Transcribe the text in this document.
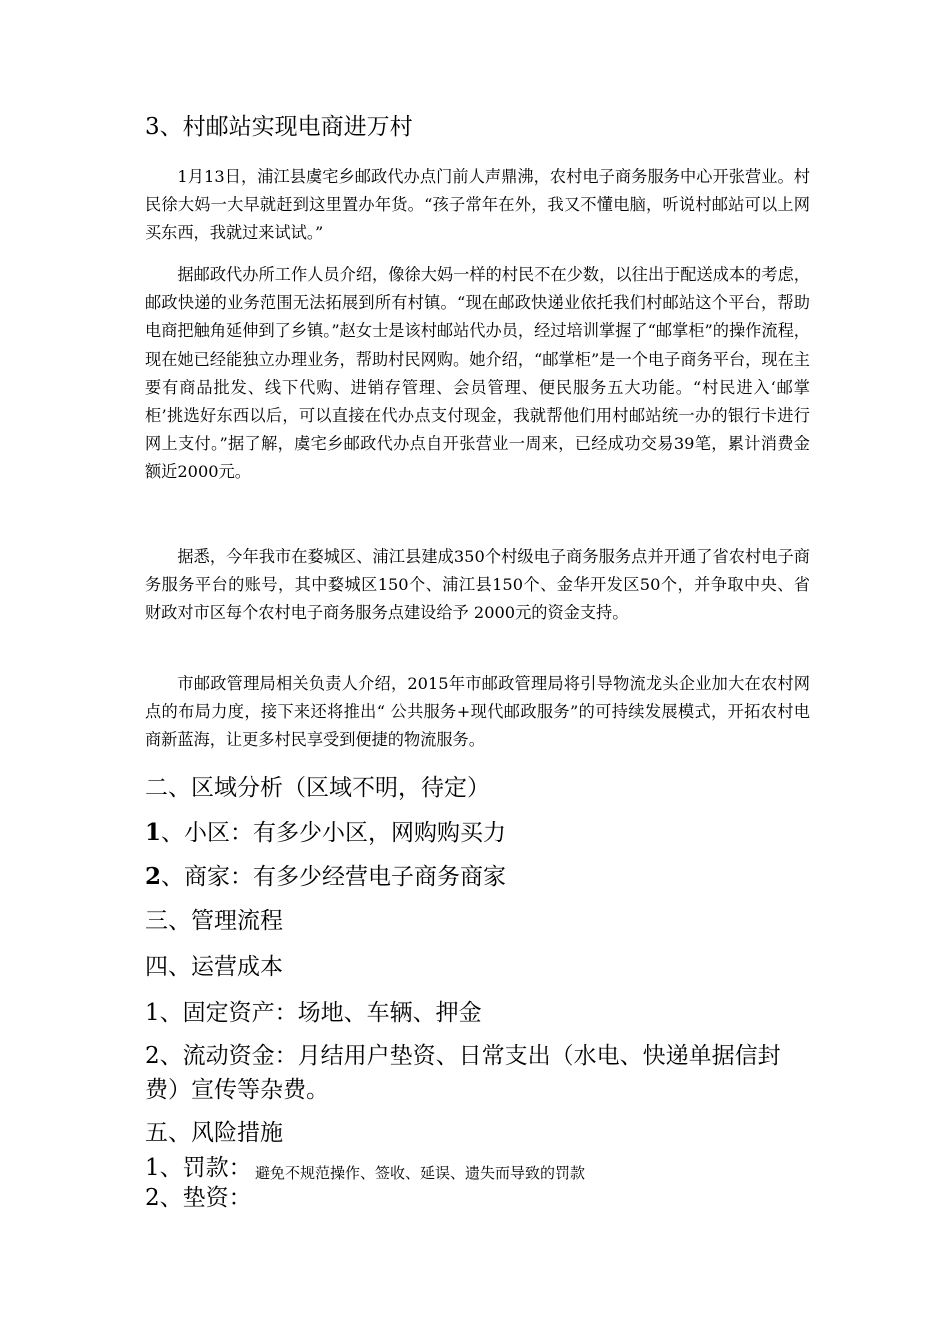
3、村邮站实现电商进万村

1月13日，浦江县虞宅乡邮政代办点门前人声鼎沸，农村电子商务服务中心开张营业。村民徐大妈一大早就赶到这里置办年货。“孩子常年在外，我又不懂电脑，听说村邮站可以上网买东西，我就过来试试。”

据邮政代办所工作人员介绍，像徐大妈一样的村民不在少数，以往出于配送成本的考虑，邮政快递的业务范围无法拓展到所有村镇。“现在邮政快递业依托我们村邮站这个平台，帮助电商把触角延伸到了乡镇。”赵女士是该村邮站代办员，经过培训掌握了“邮掌柜”的操作流程，现在她已经能独立办理业务，帮助村民网购。她介绍，“邮掌柜”是一个电子商务平台，现在主要有商品批发、线下代购、进销存管理、会员管理、便民服务五大功能。“村民进入‘邮掌柜’挑选好东西以后，可以直接在代办点支付现金，我就帮他们用村邮站统一办的银行卡进行网上支付。”据了解，虞宅乡邮政代办点自开张营业一周来，已经成功交易39笔，累计消费金额近2000元。

据悉，今年我市在婺城区、浦江县建成350个村级电子商务服务点并开通了省农村电子商务服务平台的账号，其中婺城区150个、浦江县150个、金华开发区50个，并争取中央、省财政对市区每个农村电子商务服务点建设给予 2000元的资金支持。

市邮政管理局相关负责人介绍，2015年市邮政管理局将引导物流龙头企业加大在农村网点的布局力度，接下来还将推出“ 公共服务+现代邮政服务”的可持续发展模式，开拓农村电商新蓝海，让更多村民享受到便捷的物流服务。

二、区域分析（区域不明，待定）

1、小区：有多少小区，网购购买力

2、商家：有多少经营电子商务商家

三、管理流程
四、运营成本

1、固定资产：场地、车辆、押金

2、流动资金：月结用户垫资、日常支出（水电、快递单据信封费）宣传等杂费。

五、风险措施

1、罚款： 避免不规范操作、签收、延误、遗失而导致的罚款

2、垫资：
